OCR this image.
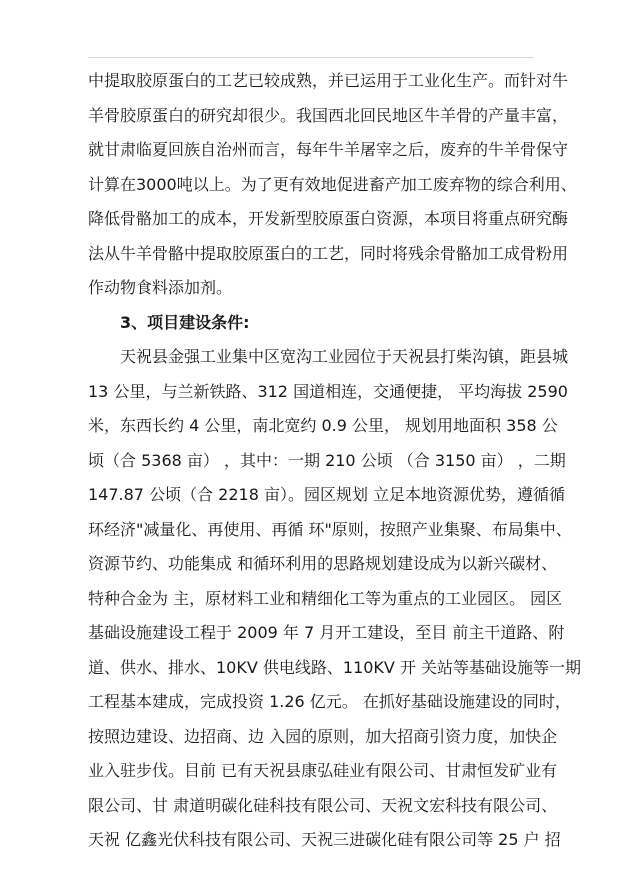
中提取胶原蛋白的工艺已较成熟，并已运用于工业化生产。而针对牛
羊骨胶原蛋白的研究却很少。我国西北回民地区牛羊骨的产量丰富，
就甘肃临夏回族自治州而言，每年牛羊屠宰之后，废弃的牛羊骨保守
计算在3000吨以上。为了更有效地促进畜产加工废弃物的综合利用、
降低骨骼加工的成本，开发新型胶原蛋白资源，本项目将重点研究酶
法从牛羊骨骼中提取胶原蛋白的工艺，同时将残余骨骼加工成骨粉用
作动物食料添加剂。
3、项目建设条件:
天祝县金强工业集中区宽沟工业园位于天祝县打柴沟镇，距县城
13 公里，与兰新铁路、312 国道相连，交通便捷， 平均海拔 2590
米，东西长约 4 公里，南北宽约 0.9 公里， 规划用地面积 358 公
顷（合 5368 亩） ，其中：一期 210 公顷 （合 3150 亩） ，二期
147.87 公顷（合 2218 亩）。园区规划 立足本地资源优势，遵循循
环经济"减量化、再使用、再循 环"原则，按照产业集聚、布局集中、
资源节约、功能集成 和循环利用的思路规划建设成为以新兴碳材、
特种合金为 主，原材料工业和精细化工等为重点的工业园区。 园区
基础设施建设工程于 2009 年 7 月开工建设，至目 前主干道路、附
道、供水、排水、10KV 供电线路、110KV 开 关站等基础设施等一期
工程基本建成，完成投资 1.26 亿元。 在抓好基础设施建设的同时，
按照边建设、边招商、边 入园的原则，加大招商引资力度，加快企
业入驻步伐。目前 已有天祝县康弘硅业有限公司、甘肃恒发矿业有
限公司、甘 肃道明碳化硅科技有限公司、天祝文宏科技有限公司、
天祝 亿鑫光伏科技有限公司、天祝三进碳化硅有限公司等 25 户 招
